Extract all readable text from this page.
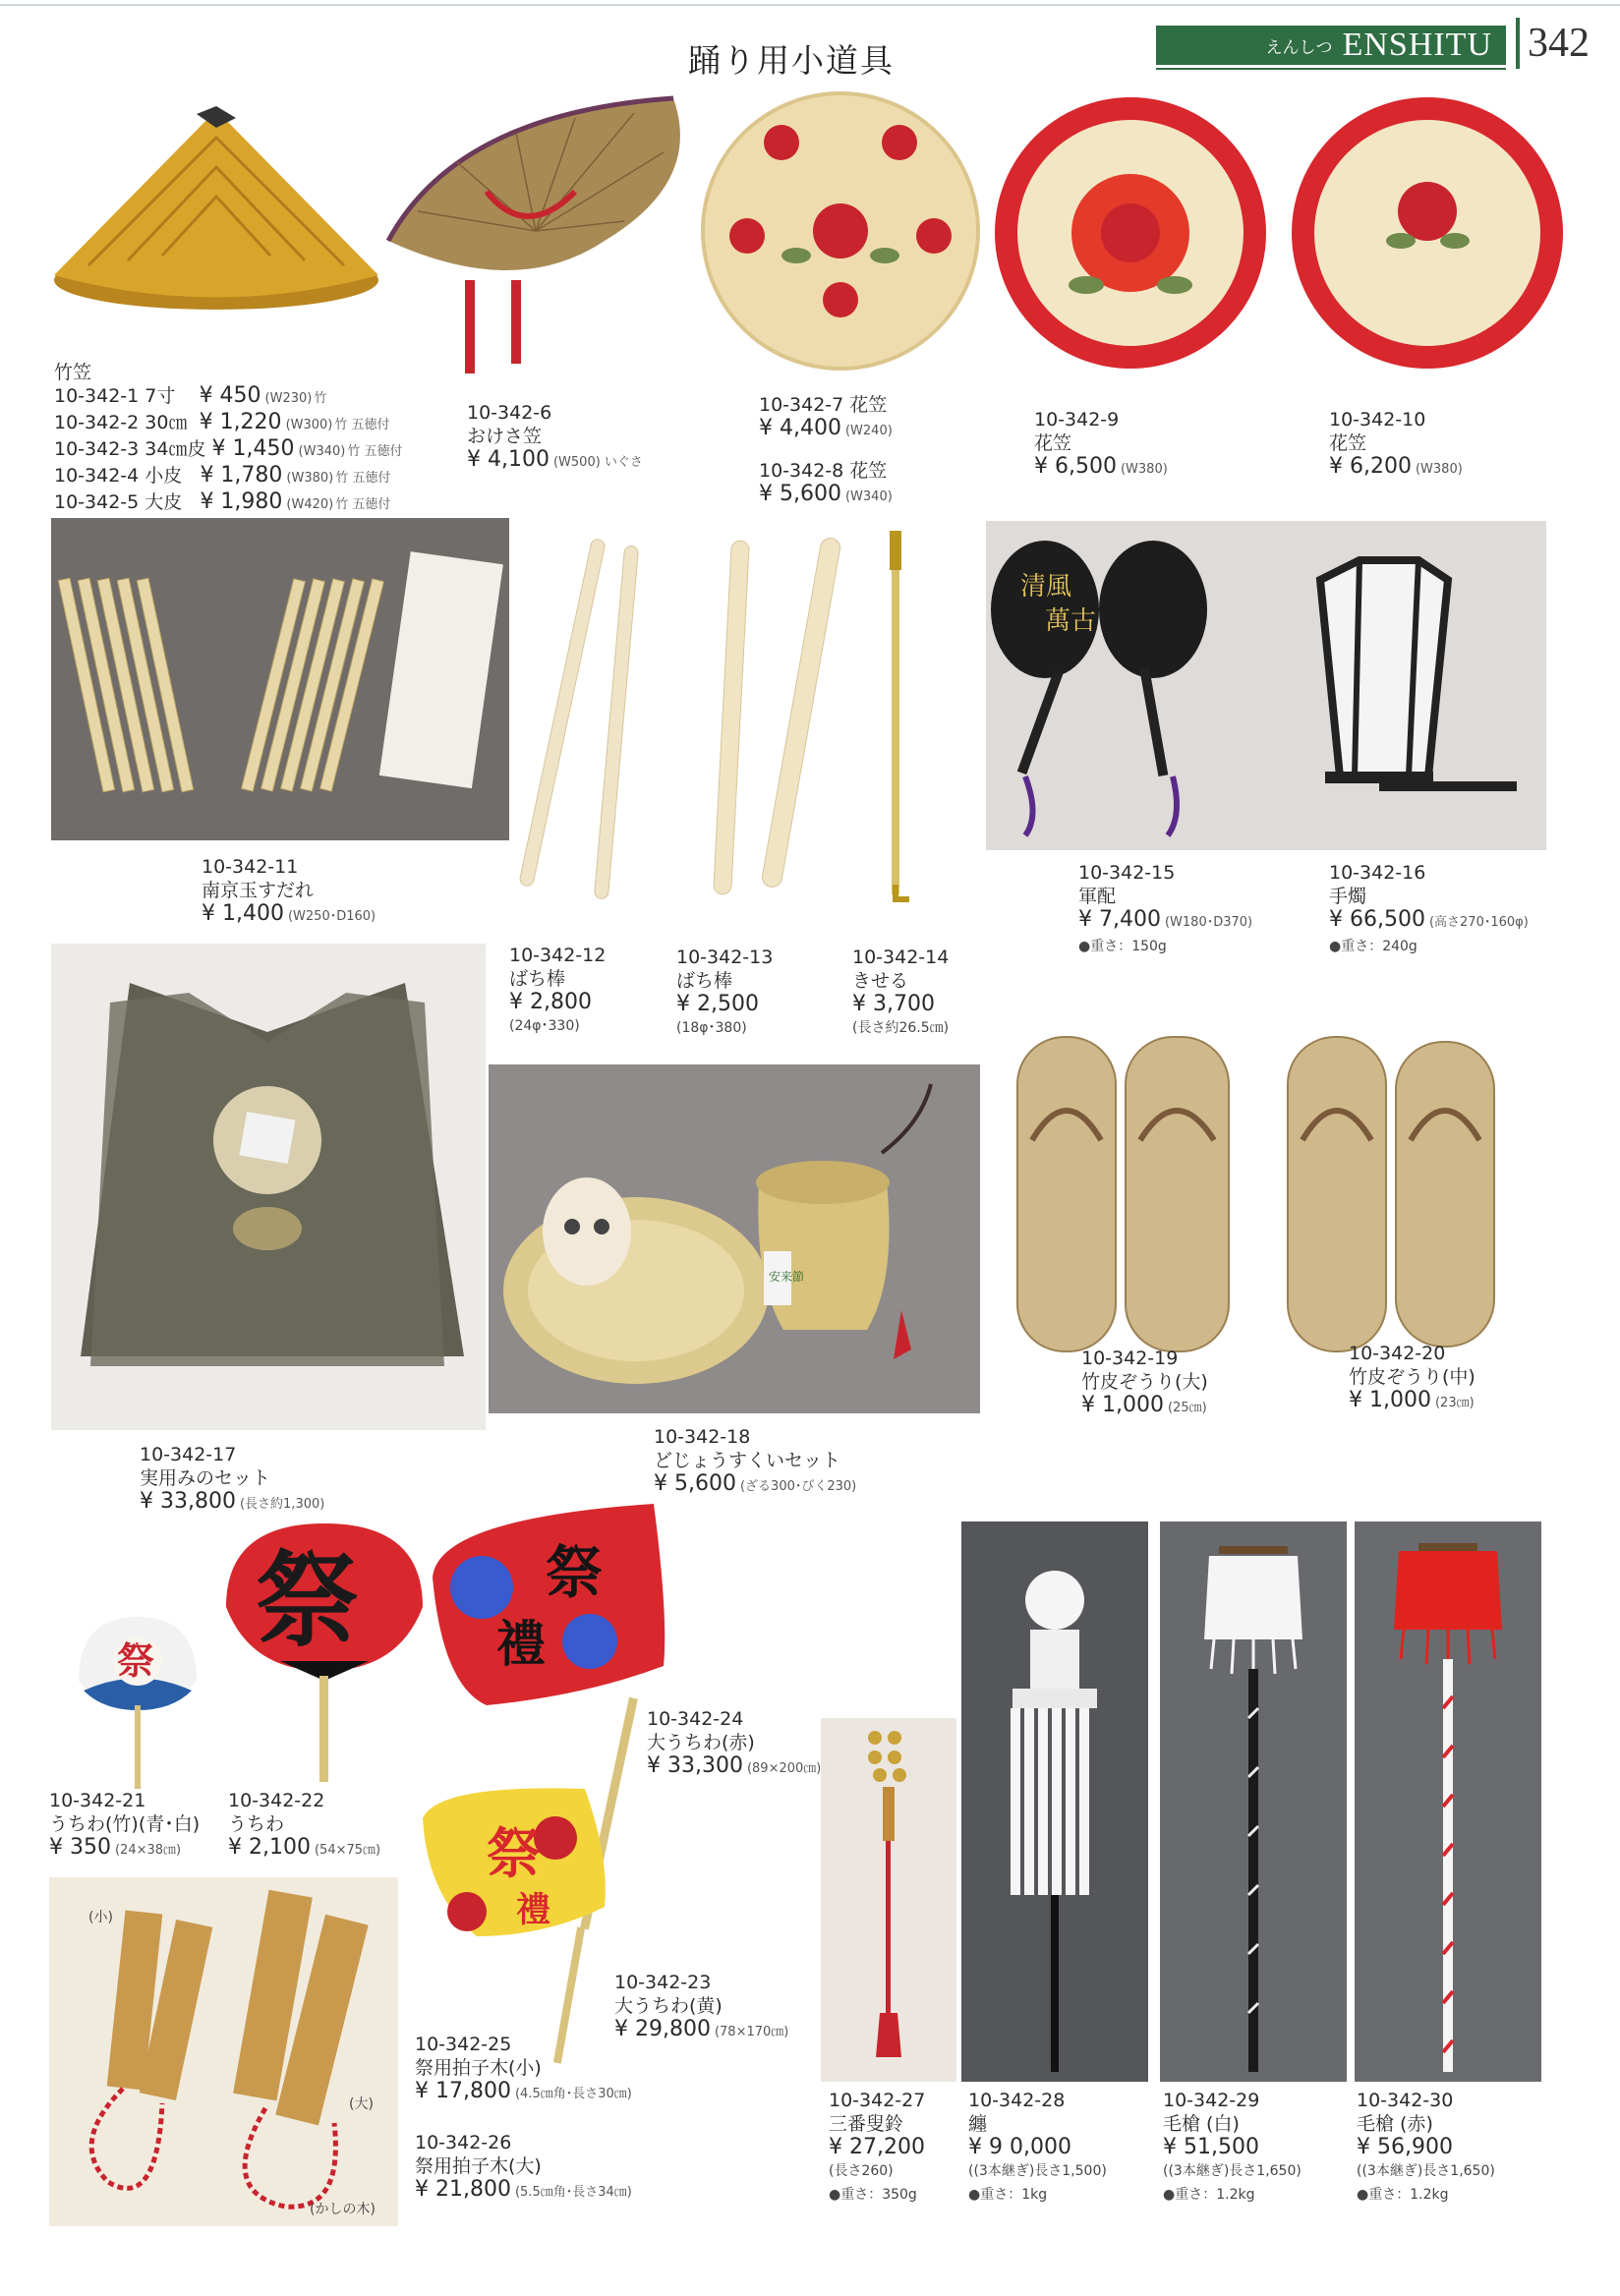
えんしつ ENSHITU 342
踊り用小道具
竹笠
10-342-1 7寸 ¥ 450 (W230) 竹
10-342-2 30㎝ ¥ 1,220 (W300) 竹 五徳付
10-342-3 34㎝皮 ¥ 1,450 (W340) 竹 五徳付
10-342-4 小皮 ¥ 1,780 (W380) 竹 五徳付
10-342-5 大皮 ¥ 1,980 (W420) 竹 五徳付
10-342-6
おけさ笠
¥ 4,100 (W500) いぐさ
10-342-7 花笠
¥ 4,400 (W240)
10-342-8 花笠
¥ 5,600 (W340)
10-342-9
花笠
¥ 6,500 (W380)
10-342-10
花笠
¥ 6,200 (W380)
清風
萬古
10-342-11
南京玉すだれ
¥ 1,400 (W250･D160)
10-342-12
ばち棒
¥ 2,800
(24φ･330)
10-342-13
ばち棒
¥ 2,500
(18φ･380)
10-342-14
きせる
¥ 3,700
(長さ約26.5㎝)
10-342-15
軍配
¥ 7,400 (W180･D370)
●重さ：150g
10-342-16
手燭
¥ 66,500 (高さ270･160φ)
●重さ：240g
安来節
10-342-17
実用みのセット
¥ 33,800 (長さ約1,300)
10-342-18
どじょうすくいセット
¥ 5,600 (ざる300･びく230)
10-342-19
竹皮ぞうり(大)
¥ 1,000 (25㎝)
10-342-20
竹皮ぞうり(中)
¥ 1,000 (23㎝)
祭 祭	祭
禮
祭
禮
10-342-21
うちわ(竹)(青･白)
¥ 350 (24×38㎝)
10-342-22
うちわ
¥ 2,100 (54×75㎝)
10-342-24
大うちわ(赤)
¥ 33,300 (89×200㎝)
10-342-23
大うちわ(黄)
¥ 29,800 (78×170㎝)
(小)
(大)
(かしの木)
10-342-25
祭用拍子木(小)
¥ 17,800 (4.5㎝角･長さ30㎝)
10-342-26
祭用拍子木(大)
¥ 21,800 (5.5㎝角･長さ34㎝)
10-342-27
三番叟鈴
¥ 27,200
(長さ260)
●重さ：350g
10-342-28
纏
¥ 9 0,000
((3本継ぎ)長さ1,500)
●重さ：1kg
10-342-29
毛槍 (白)
¥ 51,500
((3本継ぎ)長さ1,650)
●重さ：1.2kg
10-342-30
毛槍 (赤)
¥ 56,900
((3本継ぎ)長さ1,650)
●重さ：1.2kg
